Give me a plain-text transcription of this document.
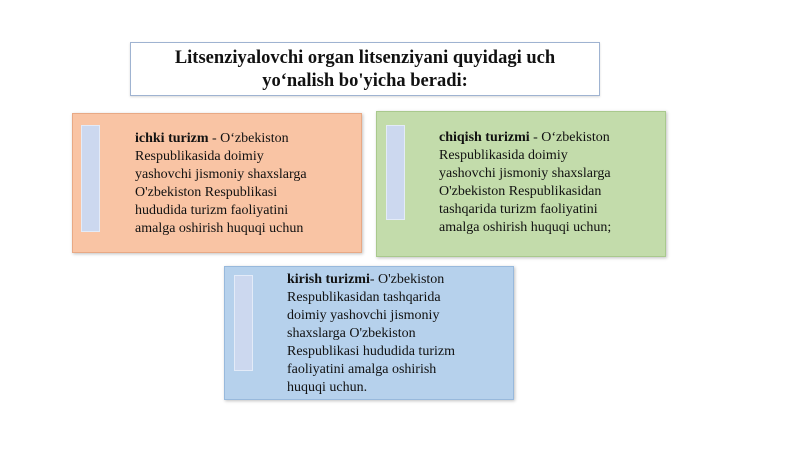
Litsenziyalovchi organ litsenziyani quyidagi uch
yo‘nalish bo'yicha beradi:
ichki turizm - O‘zbekiston
Respublikasida doimiy
yashovchi jismoniy shaxslarga
O'zbekiston Respublikasi
hududida turizm faoliyatini
amalga oshirish huquqi uchun
chiqish turizmi - O‘zbekiston
Respublikasida doimiy
yashovchi jismoniy shaxslarga
O'zbekiston Respublikasidan
tashqarida turizm faoliyatini
amalga oshirish huquqi uchun;
kirish turizmi- O'zbekiston
Respublikasidan tashqarida
doimiy yashovchi jismoniy
shaxslarga O'zbekiston
Respublikasi hududida turizm
faoliyatini amalga oshirish
huquqi uchun.
